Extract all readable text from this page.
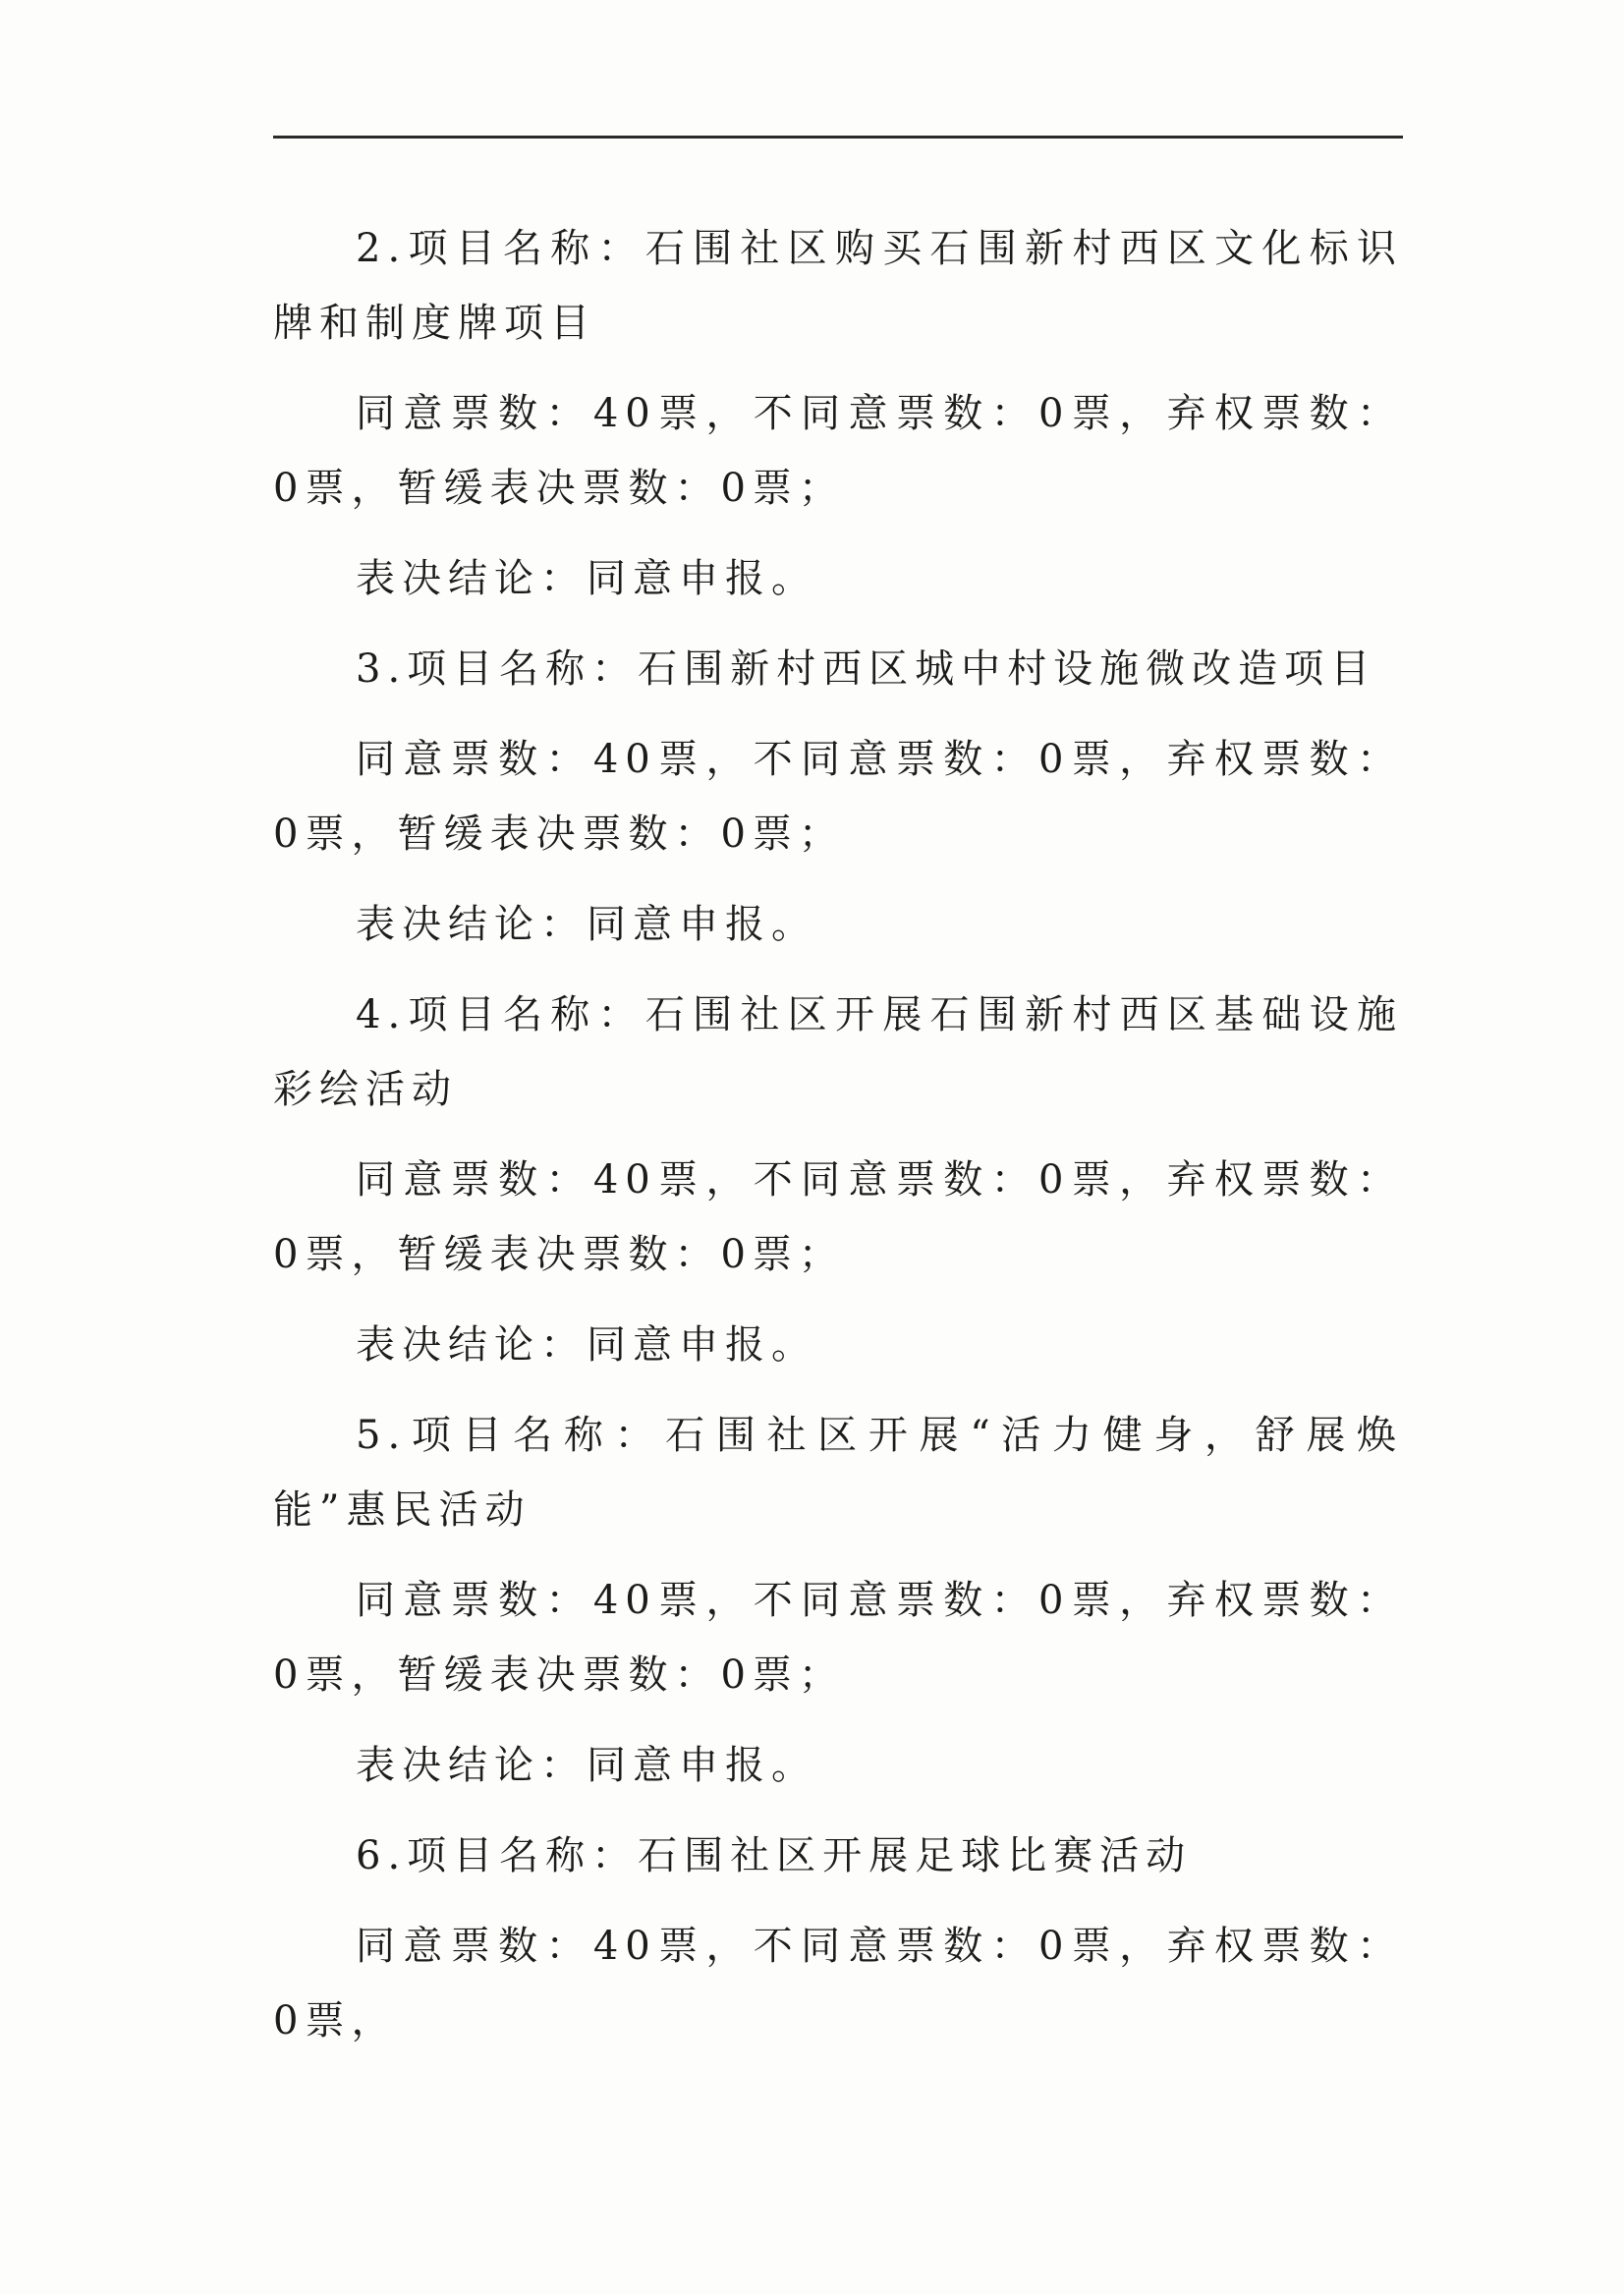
2.项目名称：石围社区购买石围新村西区文化标识牌和制度牌项目

同意票数：40票，不同意票数：0票，弃权票数：0票，暂缓表决票数：0票；

表决结论：同意申报。

3.项目名称：石围新村西区城中村设施微改造项目

同意票数：40票，不同意票数：0票，弃权票数：0票，暂缓表决票数：0票；

表决结论：同意申报。

4.项目名称：石围社区开展石围新村西区基础设施彩绘活动

同意票数：40票，不同意票数：0票，弃权票数：0票，暂缓表决票数：0票；

表决结论：同意申报。

5.项目名称：石围社区开展“活力健身，舒展焕能”惠民活动

同意票数：40票，不同意票数：0票，弃权票数：0票，暂缓表决票数：0票；

表决结论：同意申报。

6.项目名称：石围社区开展足球比赛活动

同意票数：40票，不同意票数：0票，弃权票数：0票，
